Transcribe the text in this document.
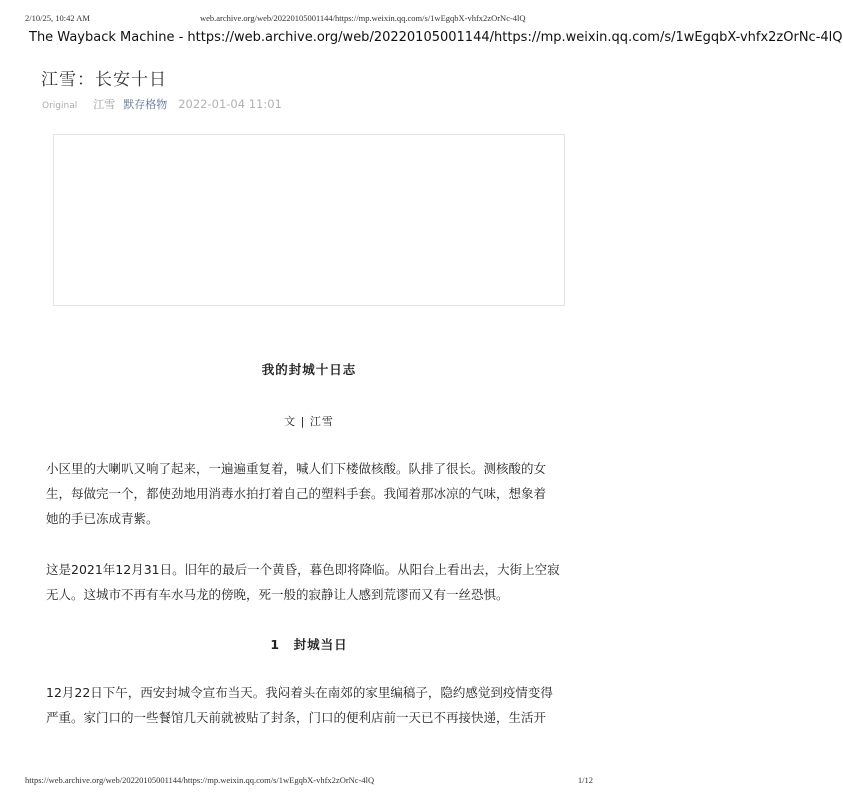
2/10/25, 10:42 AM	web.archive.org/web/20220105001144/https://mp.weixin.qq.com/s/1wEgqbX-vhfx2zOrNc-4lQ
The Wayback Machine - https://web.archive.org/web/20220105001144/https://mp.weixin.qq.com/s/1wEgqbX-vhfx2zOrNc-4lQ
江雪：长安十日
Original 江雪 默存格物 2022-01-04 11:01
我的封城十日志
文 | 江雪
小区里的大喇叭又响了起来，一遍遍重复着，喊人们下楼做核酸。队排了很长。测核酸的女
生，每做完一个，都使劲地用消毒水拍打着自己的塑料手套。我闻着那冰凉的气味，想象着
她的手已冻成青紫。
这是2021年12月31日。旧年的最后一个黄昏，暮色即将降临。从阳台上看出去，大街上空寂
无人。这城市不再有车水马龙的傍晚，死一般的寂静让人感到荒谬而又有一丝恐惧。
1　封城当日
12月22日下午，西安封城令宣布当天。我闷着头在南郊的家里编稿子，隐约感觉到疫情变得
严重。家门口的一些餐馆几天前就被贴了封条，门口的便利店前一天已不再接快递，生活开
https://web.archive.org/web/20220105001144/https://mp.weixin.qq.com/s/1wEgqbX-vhfx2zOrNc-4lQ	1/12
